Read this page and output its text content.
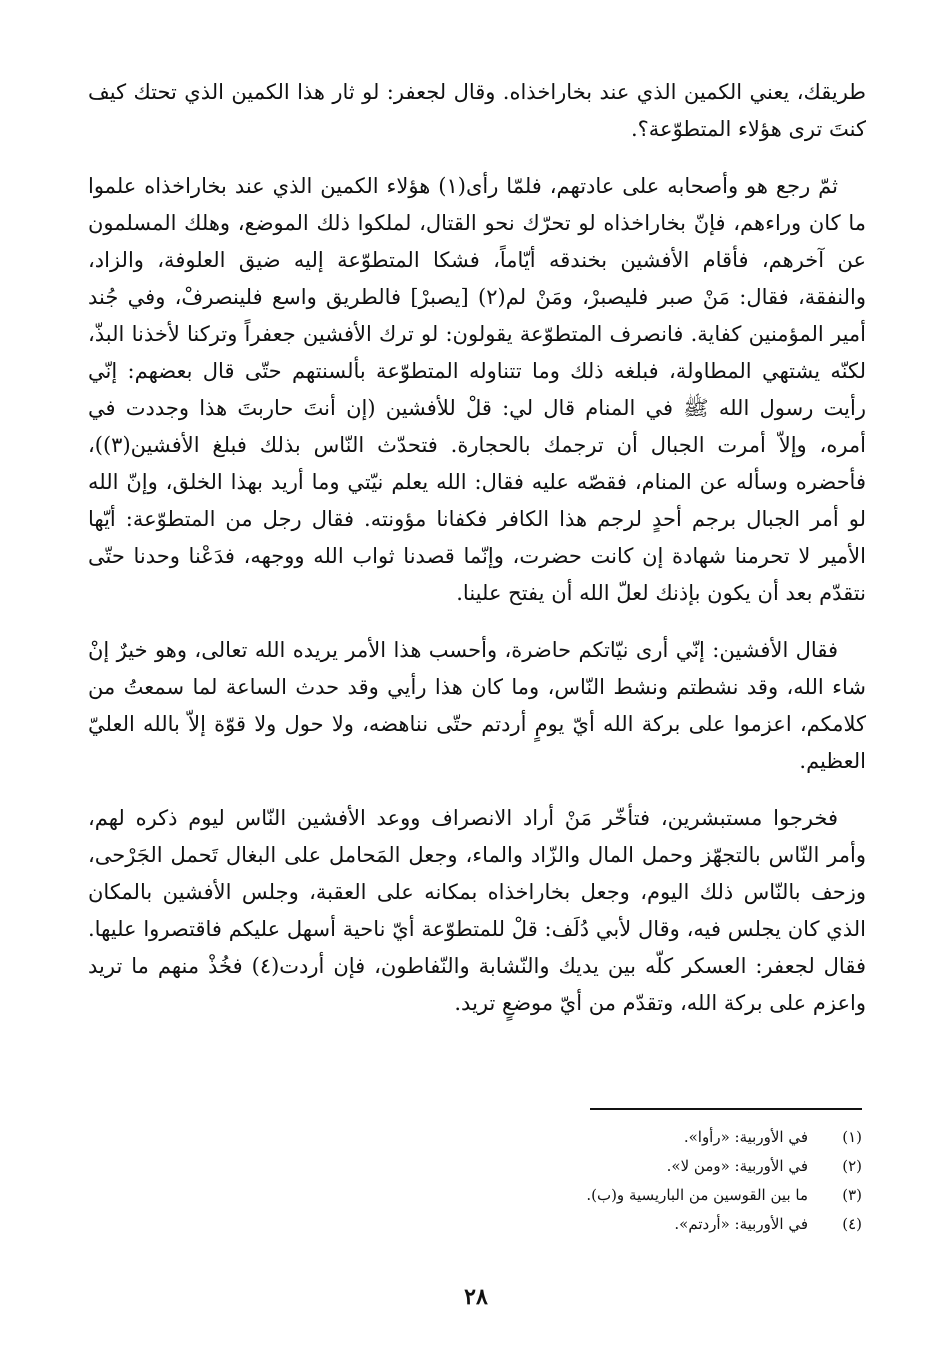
طريقك، يعني الكمين الذي عند بخاراخذاه. وقال لجعفر: لو ثار هذا الكمين الذي تحتك كيف كنتَ ترى هؤلاء المتطوّعة؟.

ثمّ رجع هو وأصحابه على عادتهم، فلمّا رأى(١) هؤلاء الكمين الذي عند بخاراخذاه علموا ما كان وراءهم، فإنّ بخاراخذاه لو تحرّك نحو القتال، لملكوا ذلك الموضع، وهلك المسلمون عن آخرهم، فأقام الأفشين بخندقه أيّاماً، فشكا المتطوّعة إليه ضيق العلوفة، والزاد، والنفقة، فقال: مَنْ صبر فليصبرْ، ومَنْ لم(٢) [يصبرْ] فالطريق واسع فلينصرفْ، وفي جُند أمير المؤمنين كفاية. فانصرف المتطوّعة يقولون: لو ترك الأفشين جعفراً وتركنا لأخذنا البذّ، لكنّه يشتهي المطاولة، فبلغه ذلك وما تتناوله المتطوّعة بألسنتهم حتّى قال بعضهم: إنّي رأيت رسول الله ﷺ في المنام قال لي: قلْ للأفشين (إن أنتَ حاربتَ هذا وجددت في أمره، وإلاّ أمرت الجبال أن ترجمك بالحجارة. فتحدّث النّاس بذلك فبلغ الأفشين(٣))، فأحضره وسأله عن المنام، فقصّه عليه فقال: الله يعلم نيّتي وما أريد بهذا الخلق، وإنّ الله لو أمر الجبال برجم أحدٍ لرجم هذا الكافر فكفانا مؤونته. فقال رجل من المتطوّعة: أيّها الأمير لا تحرمنا شهادة إن كانت حضرت، وإنّما قصدنا ثواب الله ووجهه، فدَعْنا وحدنا حتّى نتقدّم بعد أن يكون بإذنك لعلّ الله أن يفتح علينا.

فقال الأفشين: إنّي أرى نيّاتكم حاضرة، وأحسب هذا الأمر يريده الله تعالى، وهو خيرٌ إنْ شاء الله، وقد نشطتم ونشط النّاس، وما كان هذا رأيي وقد حدث الساعة لما سمعتُ من كلامكم، اعزموا على بركة الله أيّ يومٍ أردتم حتّى نناهضه، ولا حول ولا قوّة إلاّ بالله العليّ العظيم.

فخرجوا مستبشرين، فتأخّر مَنْ أراد الانصراف ووعد الأفشين النّاس ليوم ذكره لهم، وأمر النّاس بالتجهّز وحمل المال والزّاد والماء، وجعل المَحامل على البغال تَحمل الجَرْحى، وزحف بالنّاس ذلك اليوم، وجعل بخاراخذاه بمكانه على العقبة، وجلس الأفشين بالمكان الذي كان يجلس فيه، وقال لأبي دُلَف: قلْ للمتطوّعة أيّ ناحية أسهل عليكم فاقتصروا عليها. فقال لجعفر: العسكر كلّه بين يديك والنّشابة والنّفاطون، فإن أردت(٤) فخُذْ منهم ما تريد واعزم على بركة الله، وتقدّم من أيّ موضعٍ تريد.

(١)
في الأوربية: «رأوا».
(٢)
في الأوربية: «ومن لا».
(٣)
ما بين القوسين من الباريسية و(ب).
(٤)
في الأوربية: «أردتم».
٢٨
